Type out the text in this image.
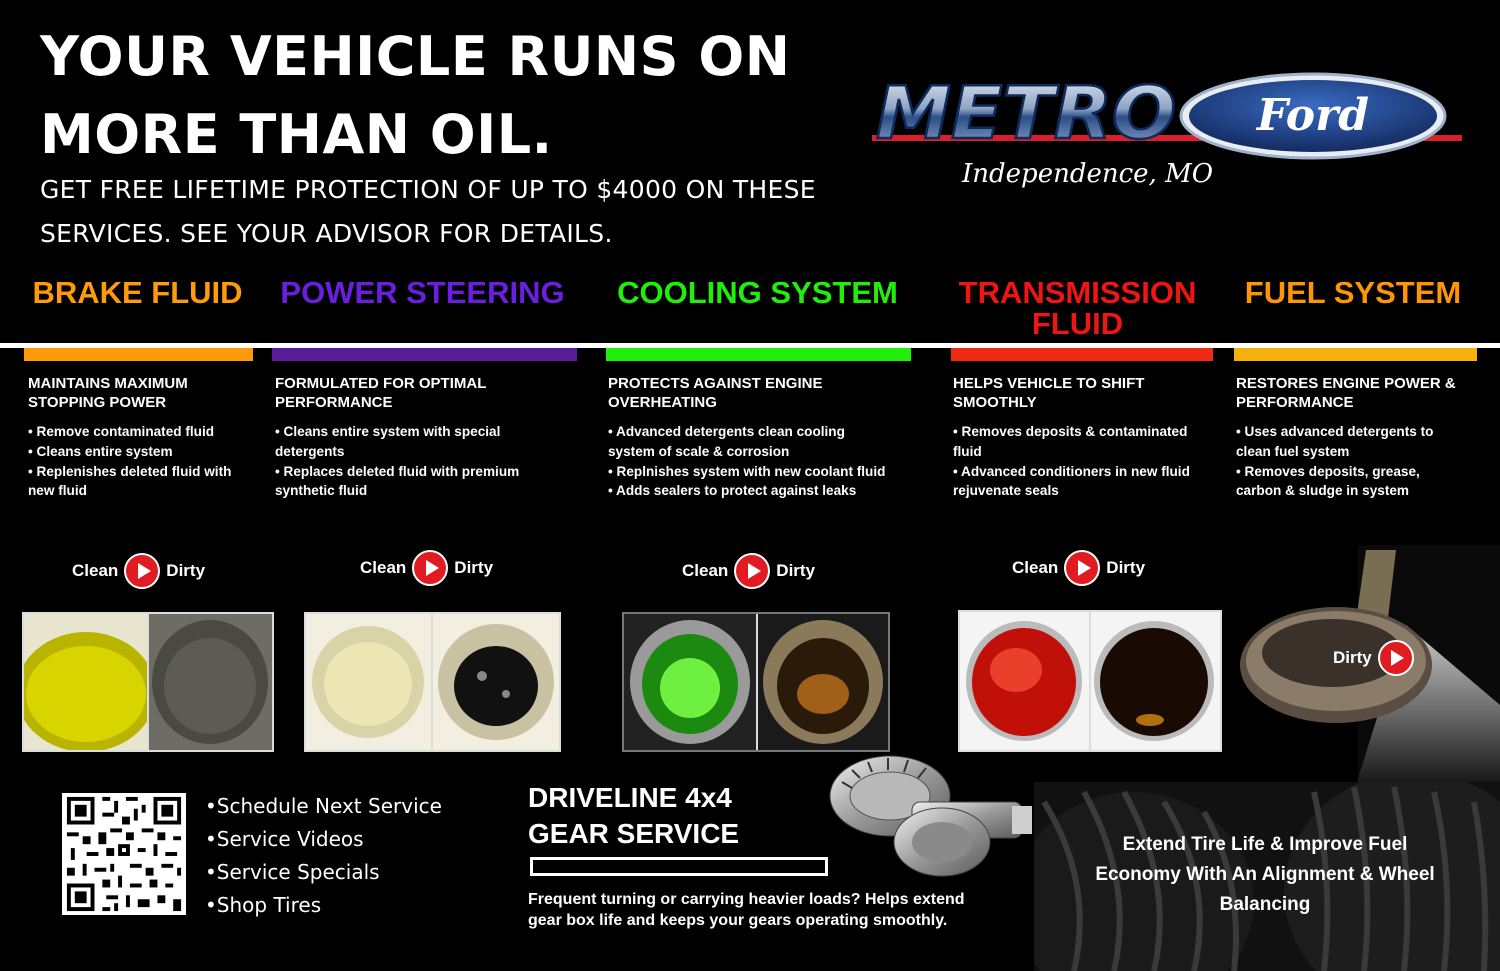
YOUR VEHICLE RUNS ON
MORE THAN OIL.
GET FREE LIFETIME PROTECTION OF UP TO $4000 ON THESE
SERVICES. SEE YOUR ADVISOR FOR DETAILS.
METRO Ford
Independence, MO
BRAKE FLUID	POWER STEERING	COOLING SYSTEM	TRANSMISSION
FLUID
FUEL SYSTEM
MAINTAINS MAXIMUM
STOPPING POWER
• Remove contaminated fluid
• Cleans entire system
• Replenishes deleted fluid with
new fluid
FORMULATED FOR OPTIMAL
PERFORMANCE
• Cleans entire system with special
detergents
• Replaces deleted fluid with premium
synthetic fluid
PROTECTS AGAINST ENGINE
OVERHEATING
• Advanced detergents clean cooling
system of scale & corrosion
• Replnishes system with new coolant fluid
• Adds sealers to protect against leaks
HELPS VEHICLE TO SHIFT
SMOOTHLY
• Removes deposits & contaminated
fluid
• Advanced conditioners in new fluid
rejuvenate seals
RESTORES ENGINE POWER &
PERFORMANCE
• Uses advanced detergents to
clean fuel system
• Removes deposits, grease,
carbon & sludge in system
Clean	Dirty	Clean	Dirty	Clean	Dirty	Clean	Dirty
Dirty
•Schedule Next Service
•Service Videos
•Service Specials
•Shop Tires
DRIVELINE 4x4
GEAR SERVICE
Frequent turning or carrying heavier loads? Helps extend
gear box life and keeps your gears operating smoothly.
Extend Tire Life & Improve Fuel
Economy With An Alignment & Wheel
Balancing
